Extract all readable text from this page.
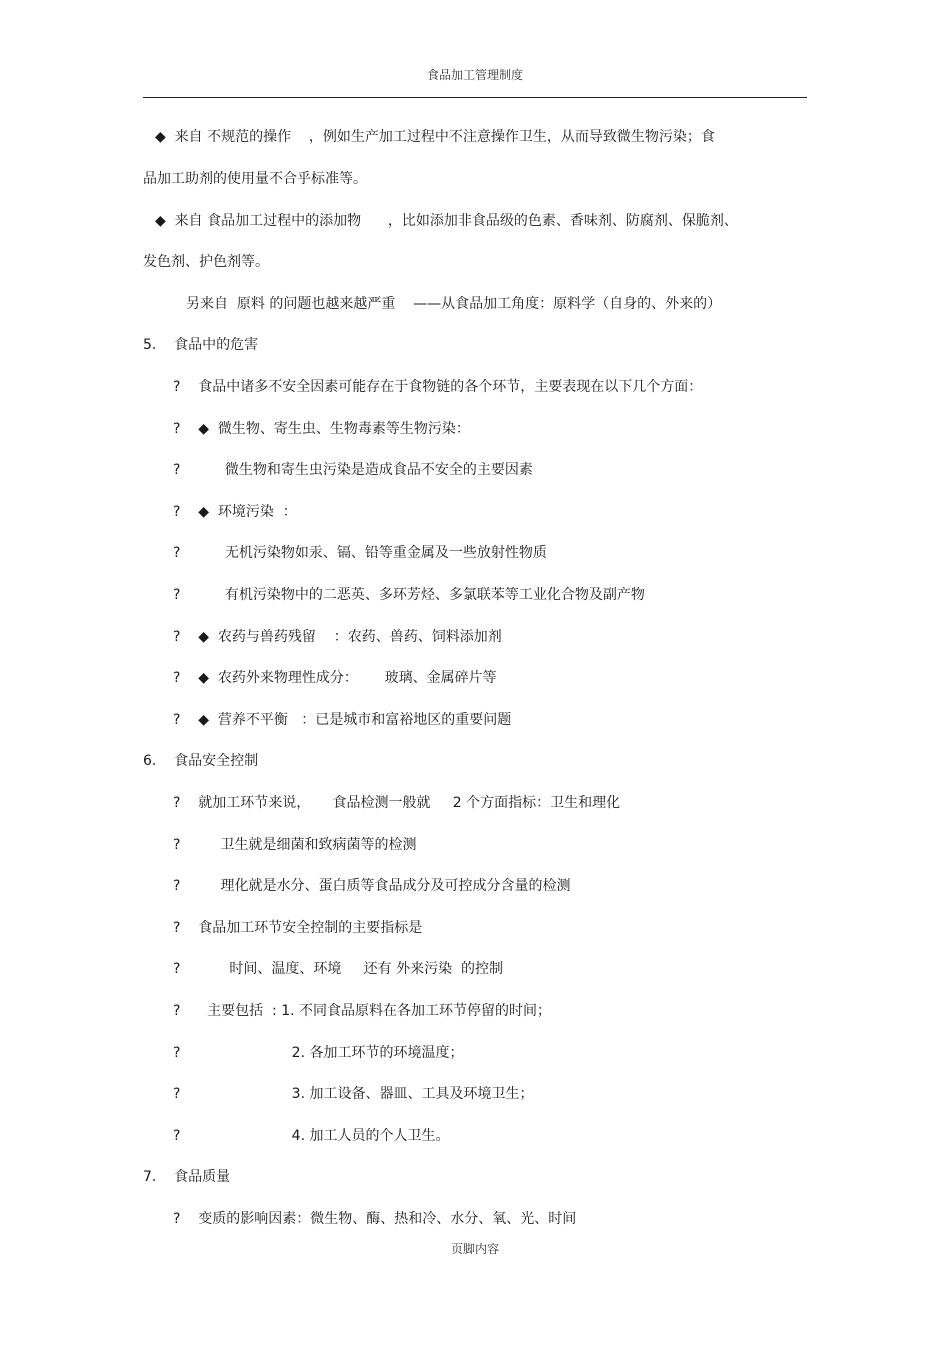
食品加工管理制度
◆  来自 不规范的操作    ，例如生产加工过程中不注意操作卫生，从而导致微生物污染；食
品加工助剂的使用量不合乎标准等。
◆  来自 食品加工过程中的添加物      ，比如添加非食品级的色素、香味剂、防腐剂、保脆剂、
发色剂、护色剂等。
另来自  原料 的问题也越来越严重    ——从食品加工角度：原料学（自身的、外来的）
5.    食品中的危害
?    食品中诸多不安全因素可能存在于食物链的各个环节，主要表现在以下几个方面：
?    ◆  微生物、寄生虫、生物毒素等生物污染：
?          微生物和寄生虫污染是造成食品不安全的主要因素
?    ◆  环境污染  ：
?          无机污染物如汞、镉、铅等重金属及一些放射性物质
?          有机污染物中的二恶英、多环芳烃、多氯联苯等工业化合物及副产物
?    ◆  农药与兽药残留    ：农药、兽药、饲料添加剂
?    ◆  农药外来物理性成分：      玻璃、金属碎片等
?    ◆  营养不平衡   ：已是城市和富裕地区的重要问题
6.    食品安全控制
?    就加工环节来说，     食品检测一般就     2 个方面指标：卫生和理化
?         卫生就是细菌和致病菌等的检测
?         理化就是水分、蛋白质等食品成分及可控成分含量的检测
?    食品加工环节安全控制的主要指标是
?           时间、温度、环境     还有 外来污染  的控制
?      主要包括  : 1. 不同食品原料在各加工环节停留的时间；
?                         2. 各加工环节的环境温度；
?                         3. 加工设备、器皿、工具及环境卫生；
?                         4. 加工人员的个人卫生。
7.    食品质量
?    变质的影响因素：微生物、酶、热和冷、水分、氧、光、时间
页脚内容
